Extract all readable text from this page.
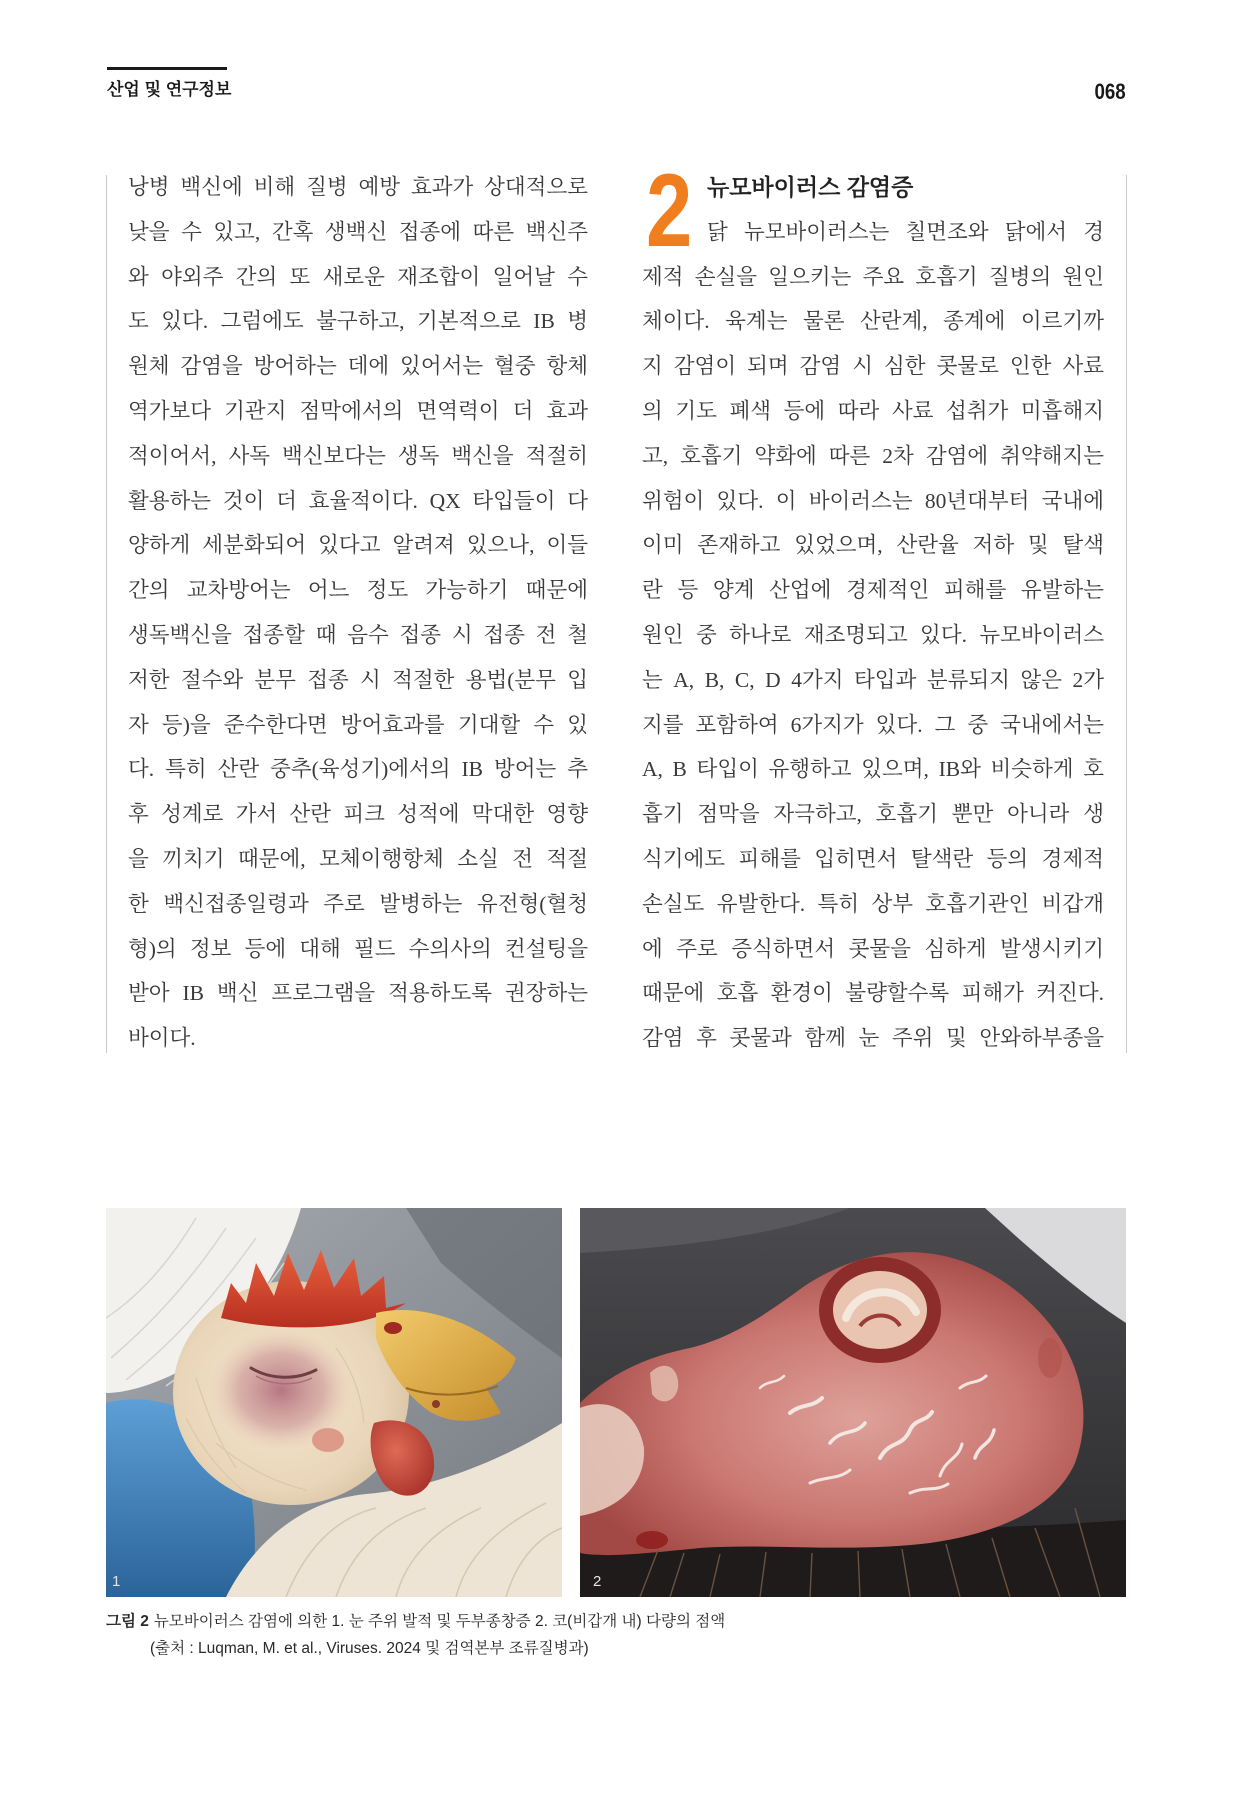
산업 및 연구정보	068
낭병 백신에 비해 질병 예방 효과가 상대적으로
낮을 수 있고, 간혹 생백신 접종에 따른 백신주
와 야외주 간의 또 새로운 재조합이 일어날 수
도 있다. 그럼에도 불구하고, 기본적으로 IB 병
원체 감염을 방어하는 데에 있어서는 혈중 항체
역가보다 기관지 점막에서의 면역력이 더 효과
적이어서, 사독 백신보다는 생독 백신을 적절히
활용하는 것이 더 효율적이다. QX 타입들이 다
양하게 세분화되어 있다고 알려져 있으나, 이들
간의 교차방어는 어느 정도 가능하기 때문에
생독백신을 접종할 때 음수 접종 시 접종 전 철
저한 절수와 분무 접종 시 적절한 용법(분무 입
자 등)을 준수한다면 방어효과를 기대할 수 있
다. 특히 산란 중추(육성기)에서의 IB 방어는 추
후 성계로 가서 산란 피크 성적에 막대한 영향
을 끼치기 때문에, 모체이행항체 소실 전 적절
한 백신접종일령과 주로 발병하는 유전형(혈청
형)의 정보 등에 대해 필드 수의사의 컨설팅을
받아 IB 백신 프로그램을 적용하도록 권장하는
바이다.
2 뉴모바이러스 감염증
닭 뉴모바이러스는 칠면조와 닭에서 경
제적 손실을 일으키는 주요 호흡기 질병의 원인
체이다. 육계는 물론 산란계, 종계에 이르기까
지 감염이 되며 감염 시 심한 콧물로 인한 사료
의 기도 폐색 등에 따라 사료 섭취가 미흡해지
고, 호흡기 약화에 따른 2차 감염에 취약해지는
위험이 있다. 이 바이러스는 80년대부터 국내에
이미 존재하고 있었으며, 산란율 저하 및 탈색
란 등 양계 산업에 경제적인 피해를 유발하는
원인 중 하나로 재조명되고 있다. 뉴모바이러스
는 A, B, C, D 4가지 타입과 분류되지 않은 2가
지를 포함하여 6가지가 있다. 그 중 국내에서는
A, B 타입이 유행하고 있으며, IB와 비슷하게 호
흡기 점막을 자극하고, 호흡기 뿐만 아니라 생
식기에도 피해를 입히면서 탈색란 등의 경제적
손실도 유발한다. 특히 상부 호흡기관인 비갑개
에 주로 증식하면서 콧물을 심하게 발생시키기
때문에 호흡 환경이 불량할수록 피해가 커진다.
감염 후 콧물과 함께 눈 주위 및 안와하부종을
1	2
그림 2 뉴모바이러스 감염에 의한 1. 눈 주위 발적 및 두부종창증 2. 코(비갑개 내) 다량의 점액
(출처 : Luqman, M. et al., Viruses. 2024 및 검역본부 조류질병과)
